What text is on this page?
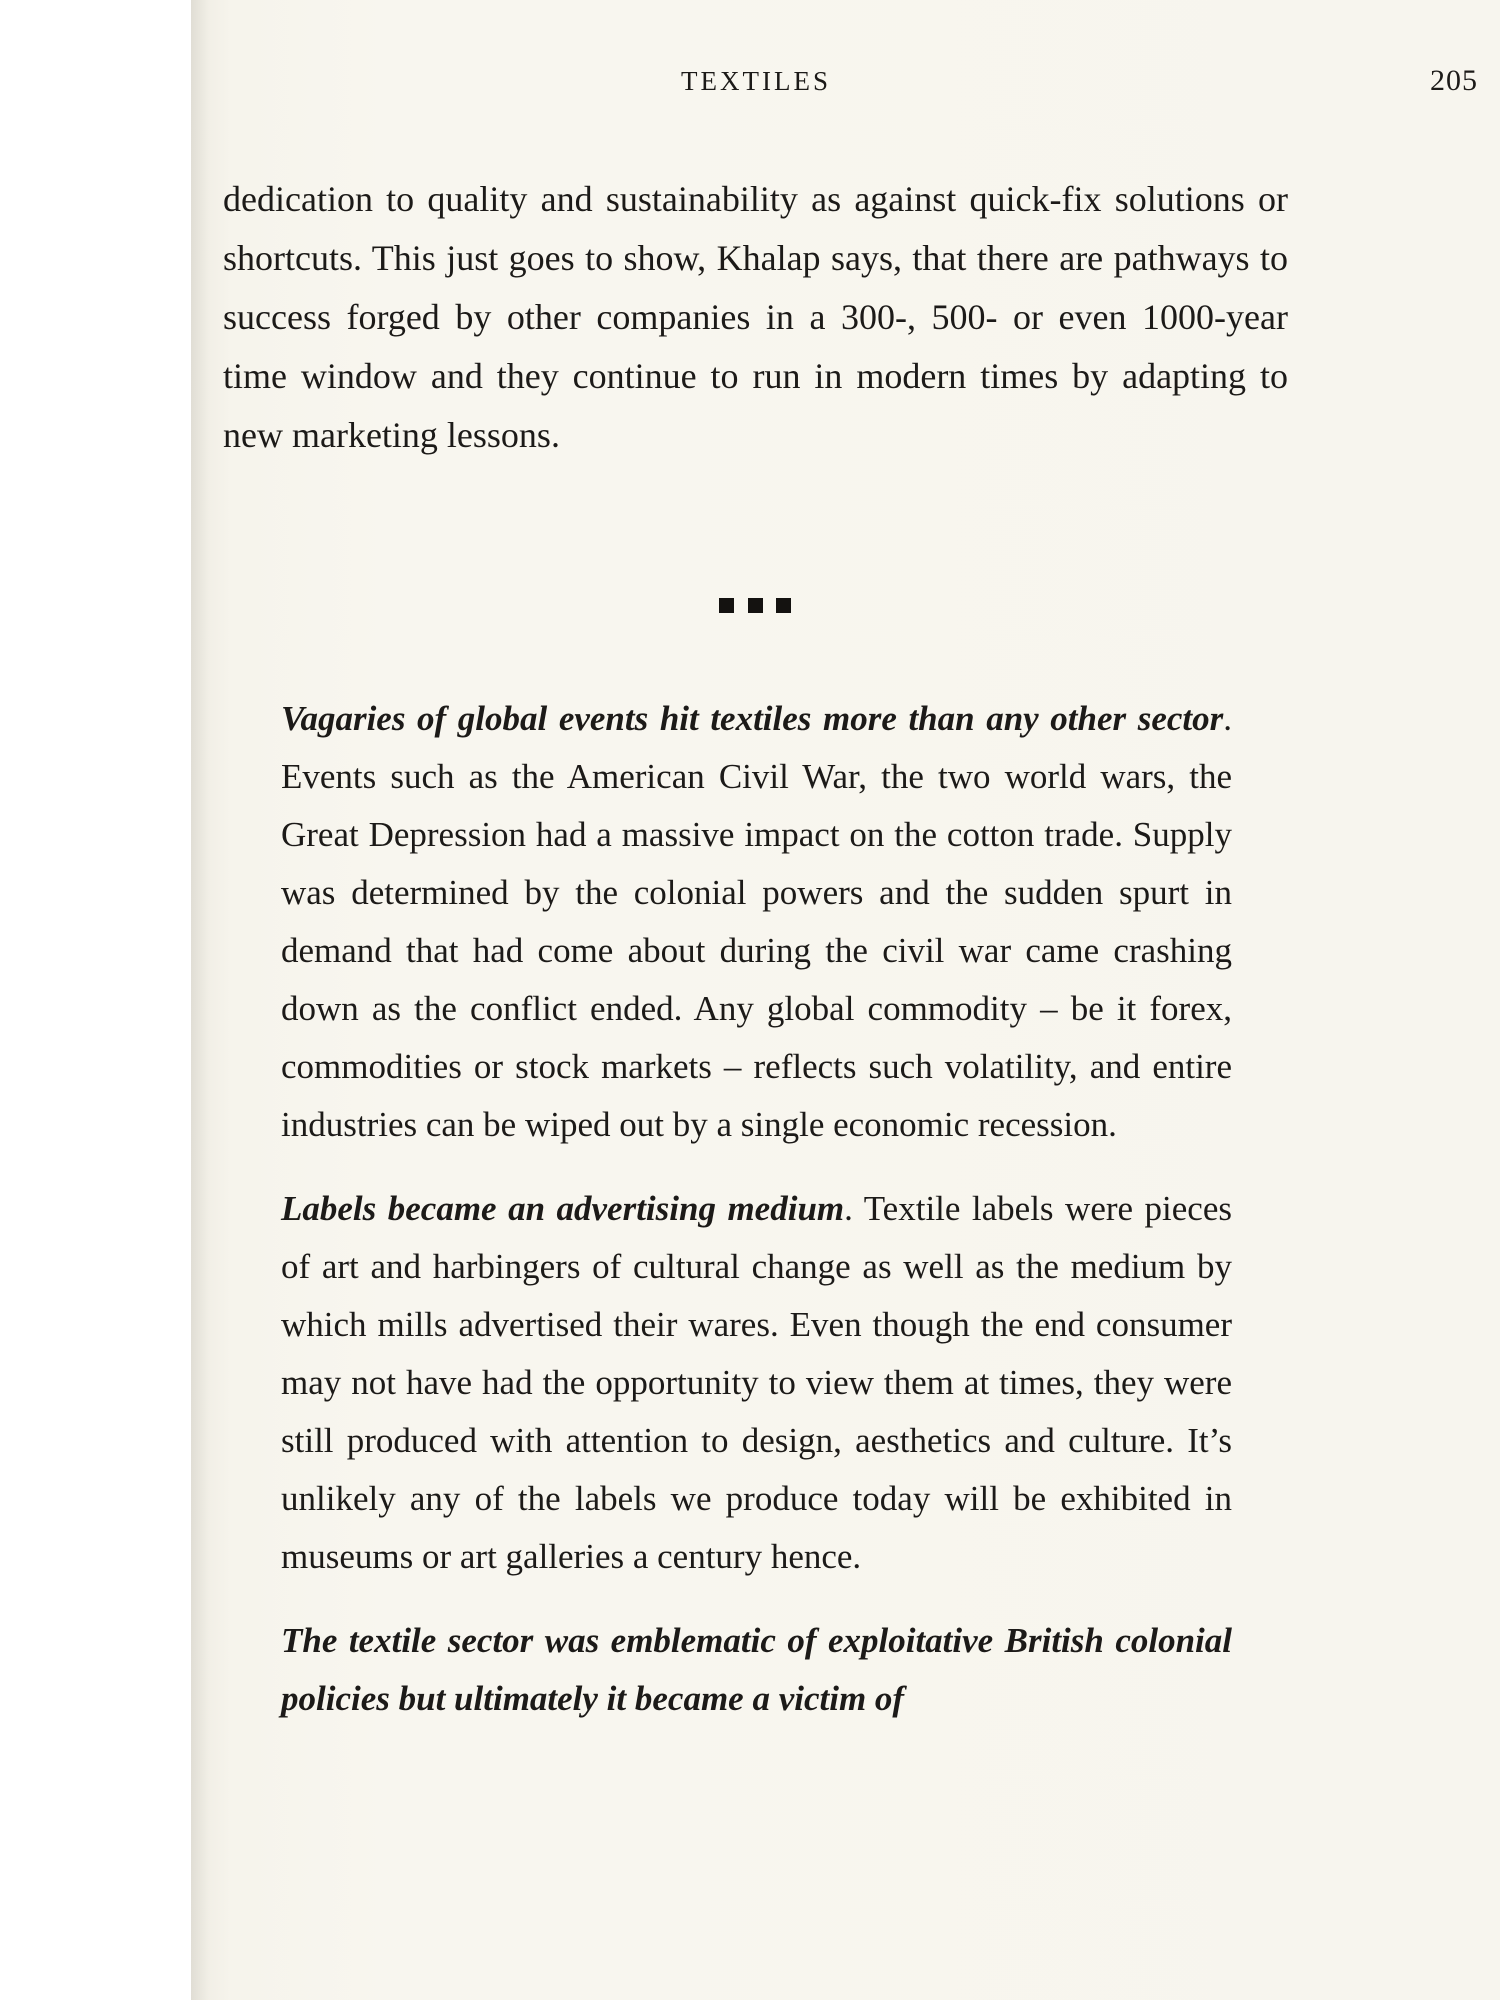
TEXTILES	205

dedication to quality and sustainability as against quick-fix solutions or shortcuts. This just goes to show, Khalap says, that there are pathways to success forged by other companies in a 300-, 500- or even 1000-year time window and they continue to run in modern times by adapting to new marketing lessons.

Vagaries of global events hit textiles more than any other sector. Events such as the American Civil War, the two world wars, the Great Depression had a massive impact on the cotton trade. Supply was determined by the colonial powers and the sudden spurt in demand that had come about during the civil war came crashing down as the conflict ended. Any global commodity – be it forex, commodities or stock markets – reflects such volatility, and entire industries can be wiped out by a single economic recession.

Labels became an advertising medium. Textile labels were pieces of art and harbingers of cultural change as well as the medium by which mills advertised their wares. Even though the end consumer may not have had the opportunity to view them at times, they were still produced with attention to design, aesthetics and culture. It’s unlikely any of the labels we produce today will be exhibited in museums or art galleries a century hence.

The textile sector was emblematic of exploitative British colonial policies but ultimately it became a victim of
